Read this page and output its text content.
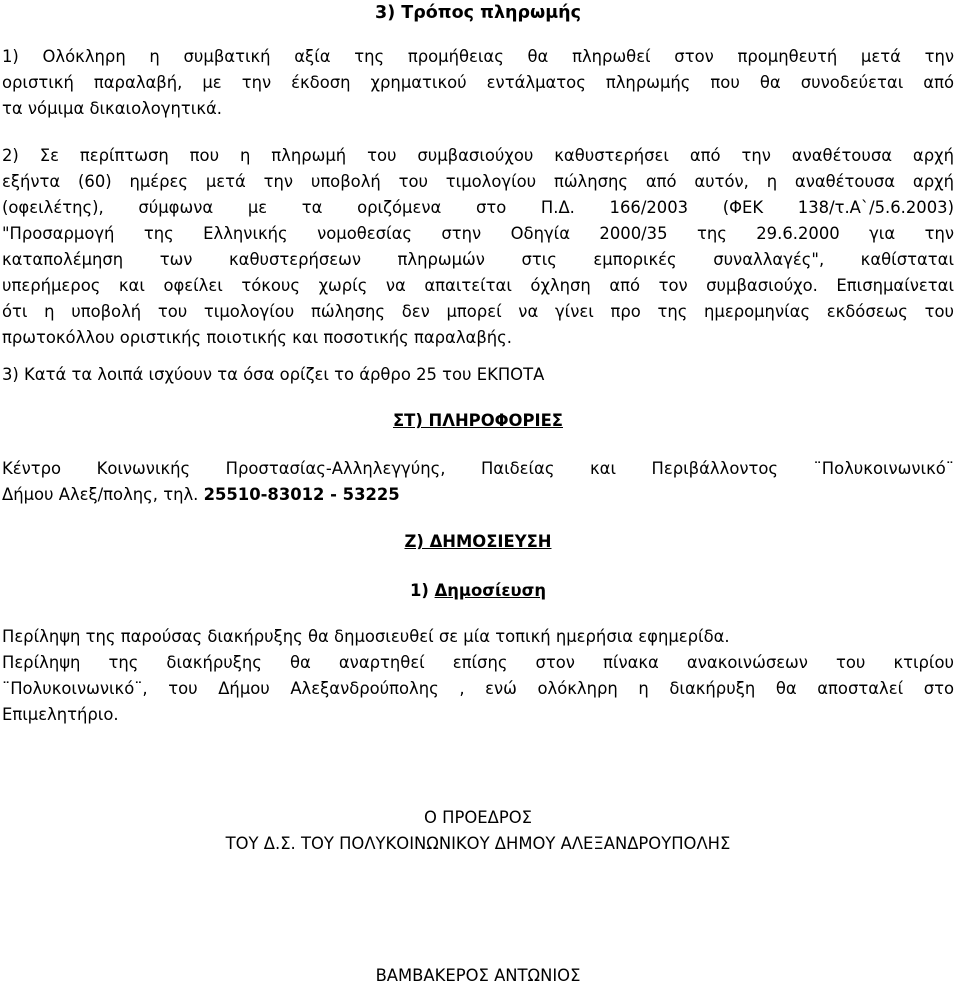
3) Τρόπος πληρωμής
1) Ολόκληρη η συμβατική αξία της προμήθειας θα πληρωθεί στον προμηθευτή μετά την
οριστική παραλαβή, με την έκδοση χρηματικού εντάλματος πληρωμής που θα συνοδεύεται από
τα νόμιμα δικαιολογητικά.
2) Σε περίπτωση που η πληρωμή του συμβασιούχου καθυστερήσει από την αναθέτουσα αρχή
εξήντα (60) ημέρες μετά την υποβολή του τιμολογίου πώλησης από αυτόν, η αναθέτουσα αρχή
(οφειλέτης), σύμφωνα με τα οριζόμενα στο Π.Δ. 166/2003 (ΦΕΚ 138/τ.Α`/5.6.2003)
"Προσαρμογή της Ελληνικής νομοθεσίας στην Οδηγία 2000/35 της 29.6.2000 για την
καταπολέμηση των καθυστερήσεων πληρωμών στις εμπορικές συναλλαγές", καθίσταται
υπερήμερος και οφείλει τόκους χωρίς να απαιτείται όχληση από τον συμβασιούχο. Επισημαίνεται
ότι η υποβολή του τιμολογίου πώλησης δεν μπορεί να γίνει προ της ημερομηνίας εκδόσεως του
πρωτοκόλλου οριστικής ποιοτικής και ποσοτικής παραλαβής.
3) Κατά τα λοιπά ισχύουν τα όσα ορίζει το άρθρο 25 του ΕΚΠΟΤΑ
ΣΤ) ΠΛΗΡΟΦΟΡΙΕΣ
Κέντρο Κοινωνικής Προστασίας-Αλληλεγγύης, Παιδείας και Περιβάλλοντος ¨Πολυκοινωνικό¨
Δήμου Αλεξ/πολης, τηλ. 25510-83012 - 53225
Ζ) ΔΗΜΟΣΙΕΥΣΗ
1) Δημοσίευση
Περίληψη της παρούσας διακήρυξης θα δημοσιευθεί σε μία τοπική ημερήσια εφημερίδα.
Περίληψη της διακήρυξης θα αναρτηθεί επίσης στον πίνακα ανακοινώσεων του κτιρίου
¨Πολυκοινωνικό¨, του Δήμου Αλεξανδρούπολης , ενώ ολόκληρη η διακήρυξη θα αποσταλεί στο
Επιμελητήριο.
Ο ΠΡΟΕΔΡΟΣ
ΤΟΥ Δ.Σ. ΤΟΥ ΠΟΛΥΚΟΙΝΩΝΙΚΟΥ ΔΗΜΟΥ ΑΛΕΞΑΝΔΡΟΥΠΟΛΗΣ
ΒΑΜΒΑΚΕΡΟΣ ΑΝΤΩΝΙΟΣ
